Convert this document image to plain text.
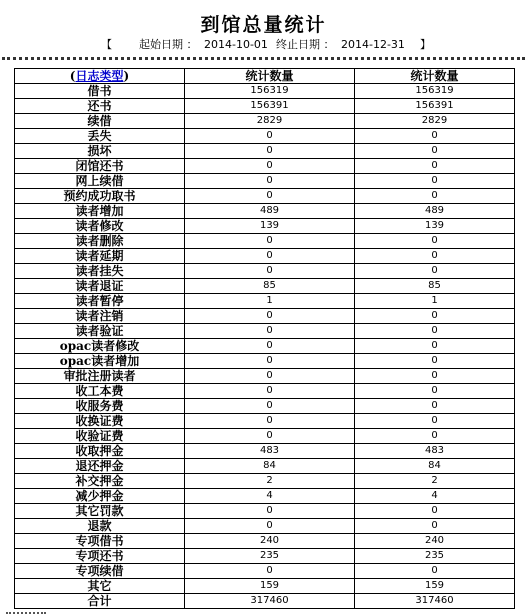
到馆总量统计
【 起始日期 ： 2014-10-01 终止日期 ： 2014-12-31 】
(日志类型)	统计数量	统计数量
借书	156319	156319
还书	156391	156391
续借	2829	2829
丢失	0	0
损坏	0	0
闭馆还书	0	0
网上续借	0	0
预约成功取书	0	0
读者增加	489	489
读者修改	139	139
读者删除	0	0
读者延期	0	0
读者挂失	0	0
读者退证	85	85
读者暂停	1	1
读者注销	0	0
读者验证	0	0
opac读者修改	0	0
opac读者增加	0	0
审批注册读者	0	0
收工本费	0	0
收服务费	0	0
收换证费	0	0
收验证费	0	0
收取押金	483	483
退还押金	84	84
补交押金	2	2
减少押金	4	4
其它罚款	0	0
退款	0	0
专项借书	240	240
专项还书	235	235
专项续借	0	0
其它	159	159
合计	317460	317460
